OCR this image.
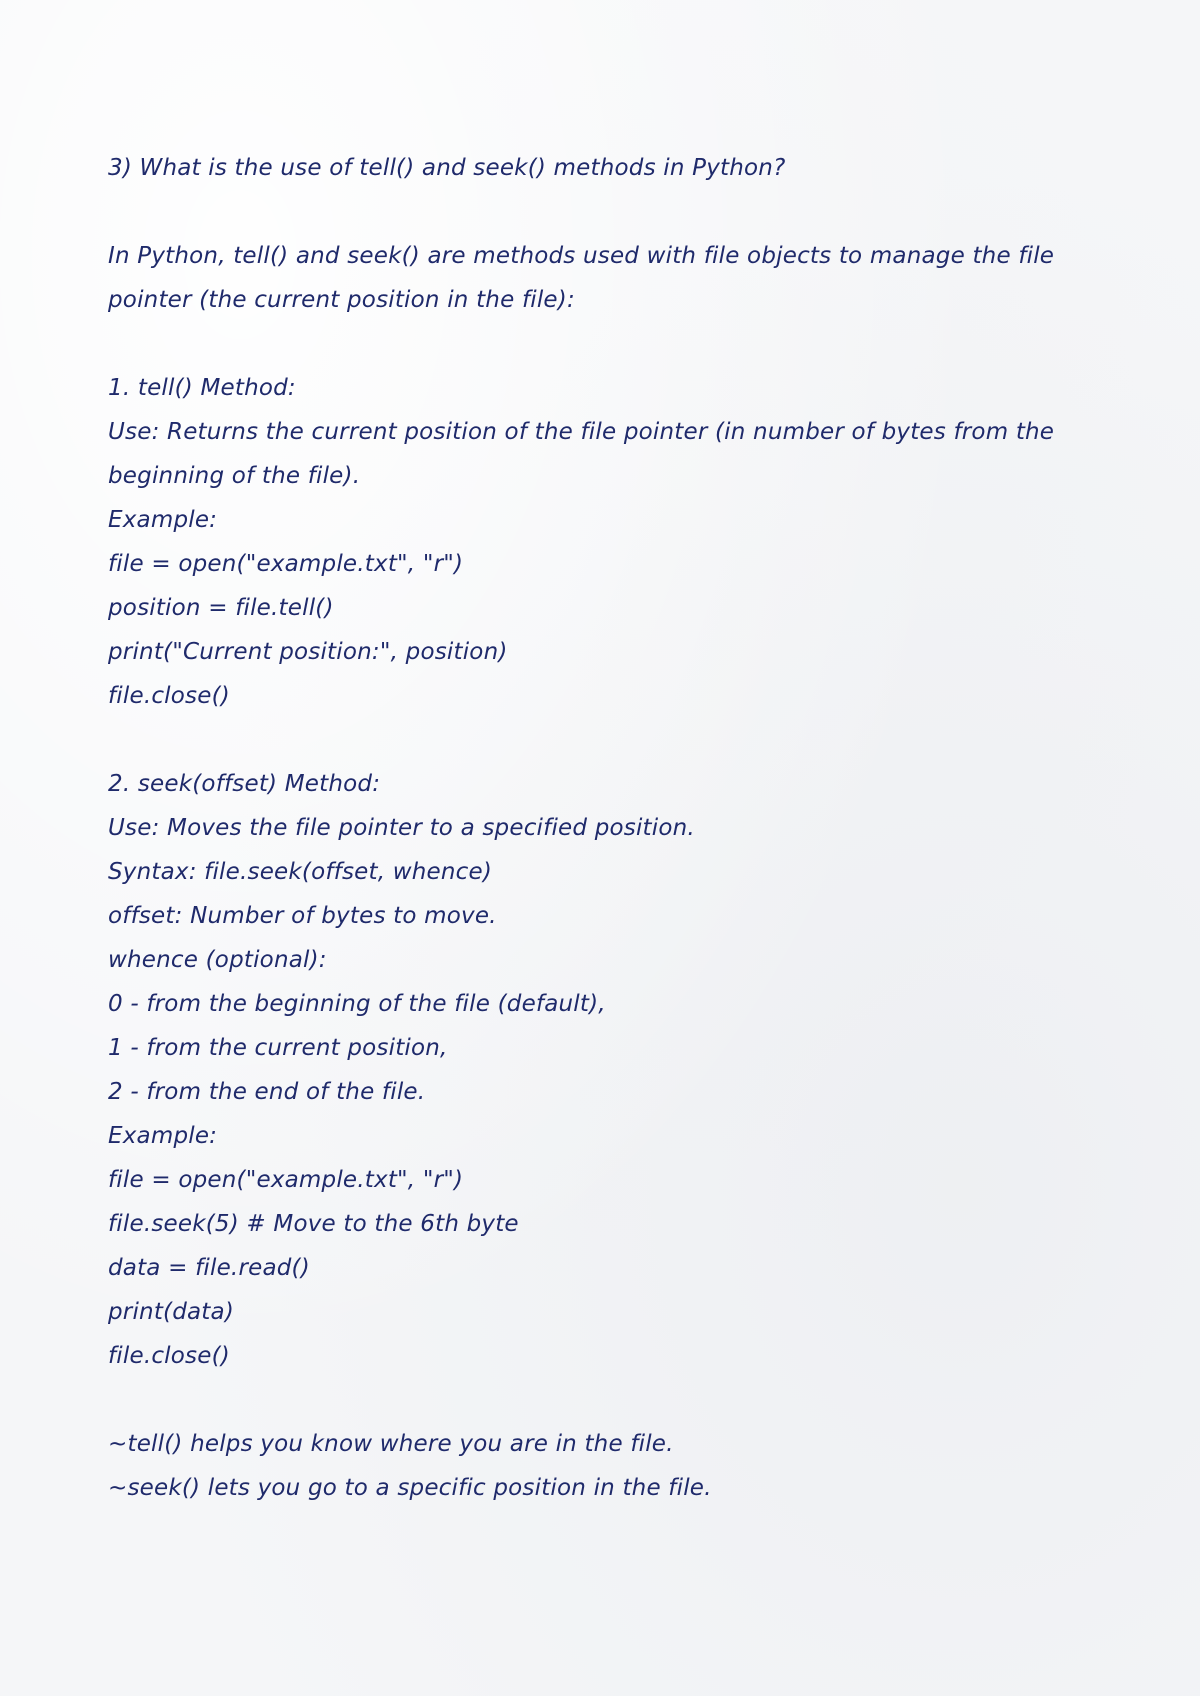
3) What is the use of tell() and seek() methods in Python?
In Python, tell() and seek() are methods used with file objects to manage the file
pointer (the current position in the file):
1. tell() Method:
Use: Returns the current position of the file pointer (in number of bytes from the
beginning of the file).
Example:
file = open("example.txt", "r")
position = file.tell()
print("Current position:", position)
file.close()
2. seek(offset) Method:
Use: Moves the file pointer to a specified position.
Syntax: file.seek(offset, whence)
offset: Number of bytes to move.
whence (optional):
0 - from the beginning of the file (default),
1 - from the current position,
2 - from the end of the file.
Example:
file = open("example.txt", "r")
file.seek(5) # Move to the 6th byte
data = file.read()
print(data)
file.close()
~tell() helps you know where you are in the file.
~seek() lets you go to a specific position in the file.
